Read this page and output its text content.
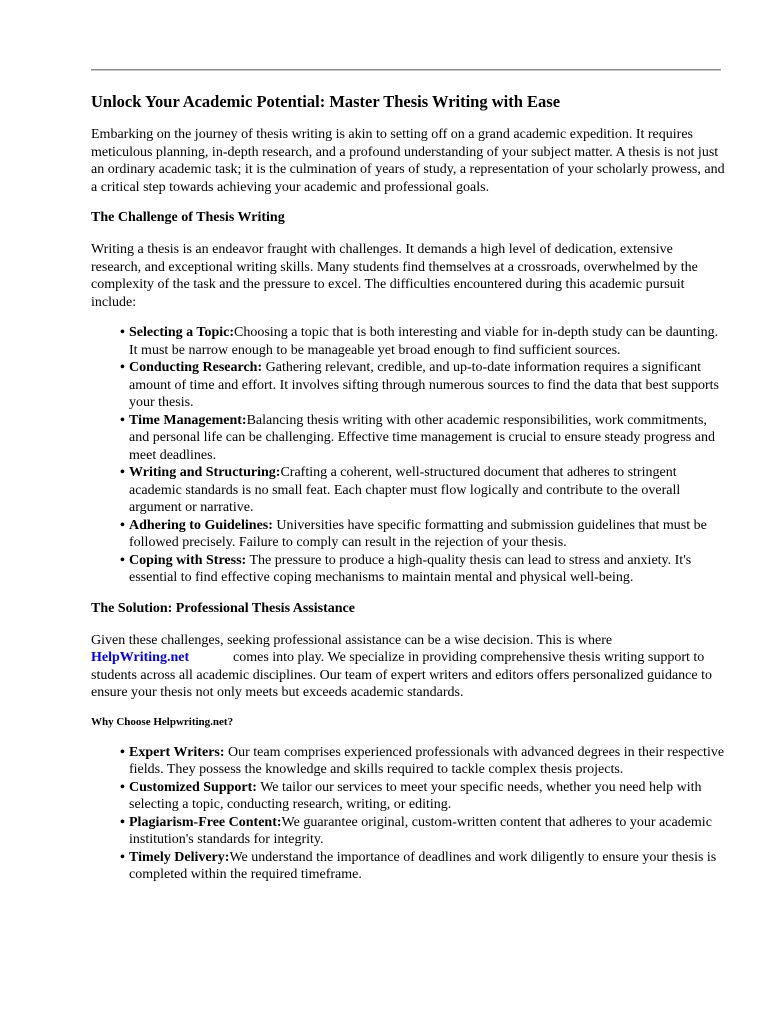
Unlock Your Academic Potential: Master Thesis Writing with Ease

Embarking on the journey of thesis writing is akin to setting off on a grand academic expedition. It requires meticulous planning, in-depth research, and a profound understanding of your subject matter. A thesis is not just an ordinary academic task; it is the culmination of years of study, a representation of your scholarly prowess, and a critical step towards achieving your academic and professional goals.

The Challenge of Thesis Writing

Writing a thesis is an endeavor fraught with challenges. It demands a high level of dedication, extensive research, and exceptional writing skills. Many students find themselves at a crossroads, overwhelmed by the complexity of the task and the pressure to excel. The difficulties encountered during this academic pursuit include:

• Selecting a Topic:Choosing a topic that is both interesting and viable for in-depth study can be daunting. It must be narrow enough to be manageable yet broad enough to find sufficient sources.
• Conducting Research: Gathering relevant, credible, and up-to-date information requires a significant amount of time and effort. It involves sifting through numerous sources to find the data that best supports your thesis.
• Time Management:Balancing thesis writing with other academic responsibilities, work commitments, and personal life can be challenging. Effective time management is crucial to ensure steady progress and meet deadlines.
• Writing and Structuring:Crafting a coherent, well-structured document that adheres to stringent academic standards is no small feat. Each chapter must flow logically and contribute to the overall argument or narrative.
• Adhering to Guidelines: Universities have specific formatting and submission guidelines that must be followed precisely. Failure to comply can result in the rejection of your thesis.
• Coping with Stress: The pressure to produce a high-quality thesis can lead to stress and anxiety. It's essential to find effective coping mechanisms to maintain mental and physical well-being.
The Solution: Professional Thesis Assistance

Given these challenges, seeking professional assistance can be a wise decision. This is where HelpWriting.net	comes into play. We specialize in providing comprehensive thesis writing support to students across all academic disciplines. Our team of expert writers and editors offers personalized guidance to ensure your thesis not only meets but exceeds academic standards.

Why Choose Helpwriting.net?
• Expert Writers: Our team comprises experienced professionals with advanced degrees in their respective fields. They possess the knowledge and skills required to tackle complex thesis projects.
• Customized Support: We tailor our services to meet your specific needs, whether you need help with selecting a topic, conducting research, writing, or editing.
• Plagiarism-Free Content:We guarantee original, custom-written content that adheres to your academic institution's standards for integrity.
• Timely Delivery:We understand the importance of deadlines and work diligently to ensure your thesis is completed within the required timeframe.
